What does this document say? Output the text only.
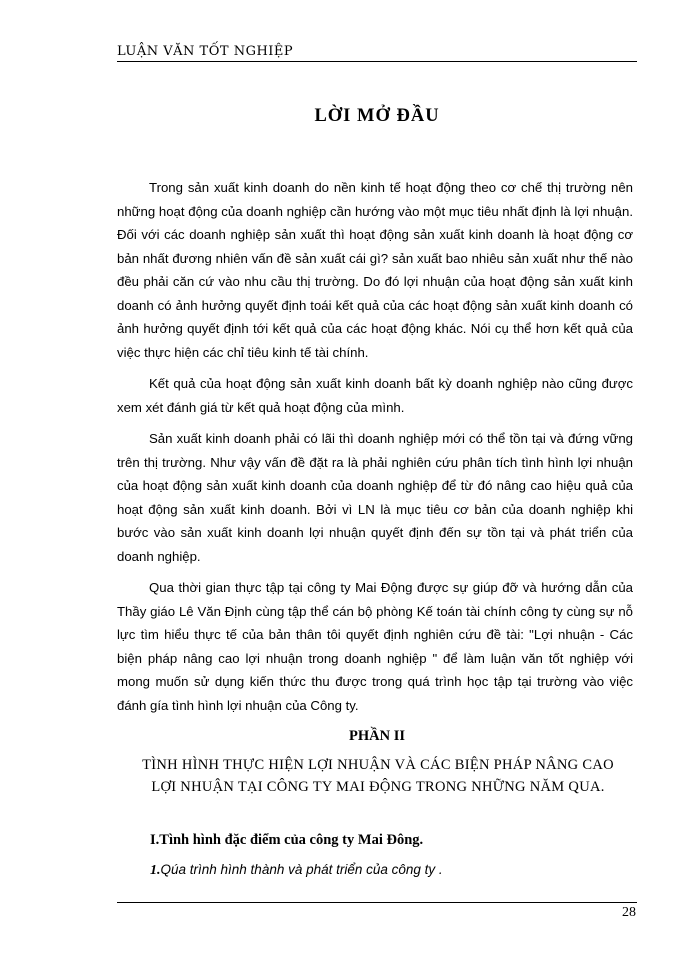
LUẬN VĂN TỐT NGHIỆP
LỜI MỞ ĐẦU

Trong sản xuất kinh doanh do nền kinh tế hoạt động theo cơ chế thị trường nên những hoạt động của doanh nghiệp cần hướng vào một mục tiêu nhất định là lợi nhuận. Đối với các doanh nghiệp sản xuất thì hoạt động sản xuất kinh doanh là hoạt động cơ bản nhất đương nhiên vấn đề sản xuất cái gì? sản xuất bao nhiêu sản xuất như thế nào đều phải căn cứ vào nhu cầu thị trường. Do đó lợi nhuận của hoạt động sản xuất kinh doanh có ảnh hưởng quyết định toái kết quả của các hoạt động sản xuất kinh doanh có ảnh hưởng quyết định tới kết quả của các hoạt động khác. Nói cụ thể hơn kết quả của việc thực hiện các chỉ tiêu kinh tế tài chính.

Kết quả của hoạt động sản xuất kinh doanh bất kỳ doanh nghiệp nào cũng được xem xét đánh giá từ kết quả hoạt động của mình.

Sản xuất kinh doanh phải có lãi thì doanh nghiệp mới có thể tồn tại và đứng vững trên thị trường. Như vậy vấn đề đặt ra là phải nghiên cứu phân tích tình hình lợi nhuận của hoạt động sản xuất kinh doanh của doanh nghiệp để từ đó nâng cao hiệu quả của hoạt động sản xuất kinh doanh. Bởi vì LN là mục tiêu cơ bản của doanh nghiệp khi bước vào sản xuất kinh doanh lợi nhuận quyết định đến sự tồn tại và phát triển của doanh nghiệp.

Qua thời gian thực tập tại công ty Mai Động được sự giúp đỡ và hướng dẫn của Thầy giáo Lê Văn Định cùng tập thể cán bộ phòng Kế toán tài chính công ty cùng sự nỗ lực tìm hiểu thực tế của bản thân tôi quyết định nghiên cứu đề tài: "Lợi nhuận - Các biện pháp nâng cao lợi nhuận trong doanh nghiệp " để làm luận văn tốt nghiệp với mong muốn sử dụng kiến thức thu được trong quá trình học tập tại trường vào việc đánh gía tình hình lợi nhuận của Công ty.

PHẦN II
TÌNH HÌNH THỰC HIỆN LỢI NHUẬN VÀ CÁC BIỆN PHÁP NÂNG CAO LỢI NHUẬN TẠI CÔNG TY MAI ĐỘNG TRONG NHỮNG NĂM QUA.
I.Tình hình đặc điểm của công ty Mai Đông.
1.Qúa trình hình thành và phát triển của công ty .
28
